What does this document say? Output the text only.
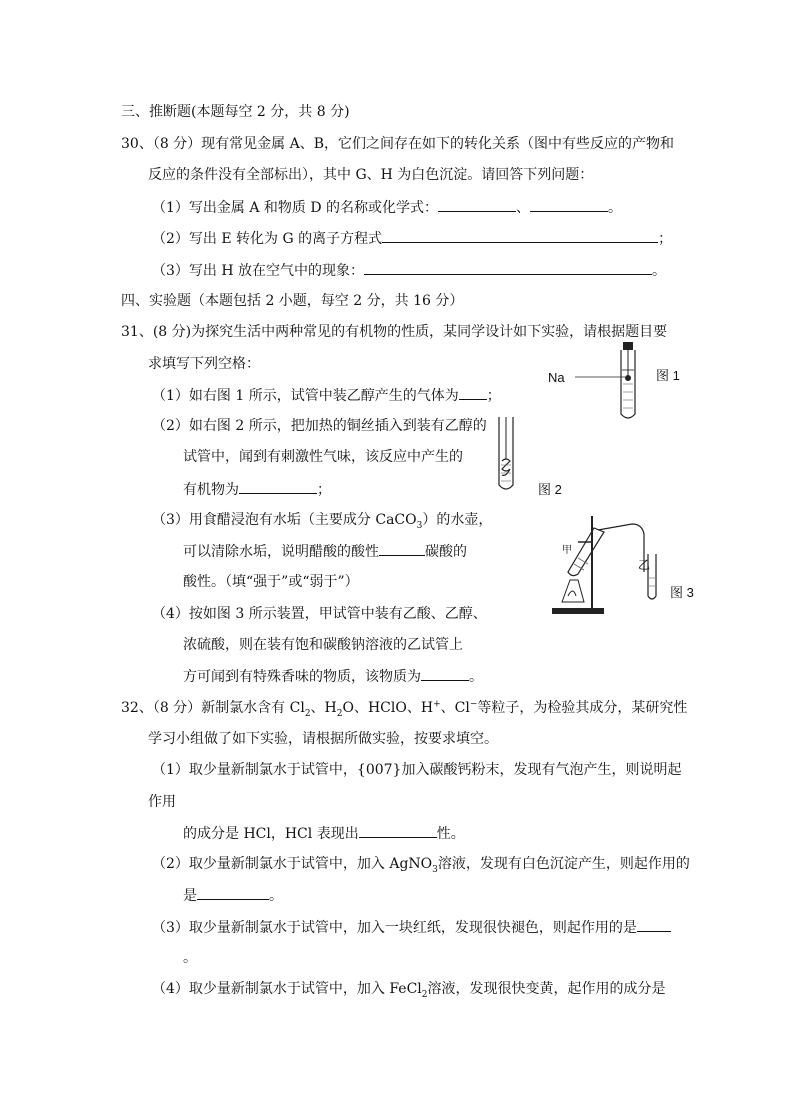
三、推断题(本题每空 2 分，共 8 分)
30、（8 分）现有常见金属 A、B，它们之间存在如下的转化关系（图中有些反应的产物和
反应的条件没有全部标出），其中 G、H 为白色沉淀。请回答下列问题：
（1）写出金属 A 和物质 D 的名称或化学式：	、	。
（2）写出 E 转化为 G 的离子方程式	；
（3）写出 H 放在空气中的现象：	。
四、实验题（本题包括 2 小题，每空 2 分，共 16 分）
31、(8 分)为探究生活中两种常见的有机物的性质，某同学设计如下实验，请根据题目要
求填写下列空格：
（1）如右图 1 所示，试管中装乙醇产生的气体为 ；
（2）如右图 2 所示，把加热的铜丝插入到装有乙醇的
试管中，闻到有刺激性气味，该反应中产生的
有机物为	；
（3）用食醋浸泡有水垢（主要成分 CaCO$_3$）的水壶，
可以清除水垢，说明醋酸的酸性	碳酸的
酸性。（填“强于”或“弱于”）
（4）按如图 3 所示装置，甲试管中装有乙酸、乙醇、
浓硫酸，则在装有饱和碳酸钠溶液的乙试管上
方可闻到有特殊香味的物质，该物质为	。
32、（8 分）新制氯水含有 $Cl_2$、$H_2O$、HClO、H+、Cl−等粒子，为检验其成分，某研究性
学习小组做了如下实验，请根据所做实验，按要求填空。
（1）取少量新制氯水于试管中，{007}加入碳酸钙粉末，发现有气泡产生，则说明起
作用
的成分是 HCl，HCl 表现出	性。
（2）取少量新制氯水于试管中，加入 AgNO$_3$溶液，发现有白色沉淀产生，则起作用的
是	。
（3）取少量新制氯水于试管中，加入一块红纸，发现很快褪色，则起作用的是
。
（4）取少量新制氯水于试管中，加入 FeCl$_2$溶液，发现很快变黄，起作用的成分是
Na	图 1
图 2
甲
乙
图 3
